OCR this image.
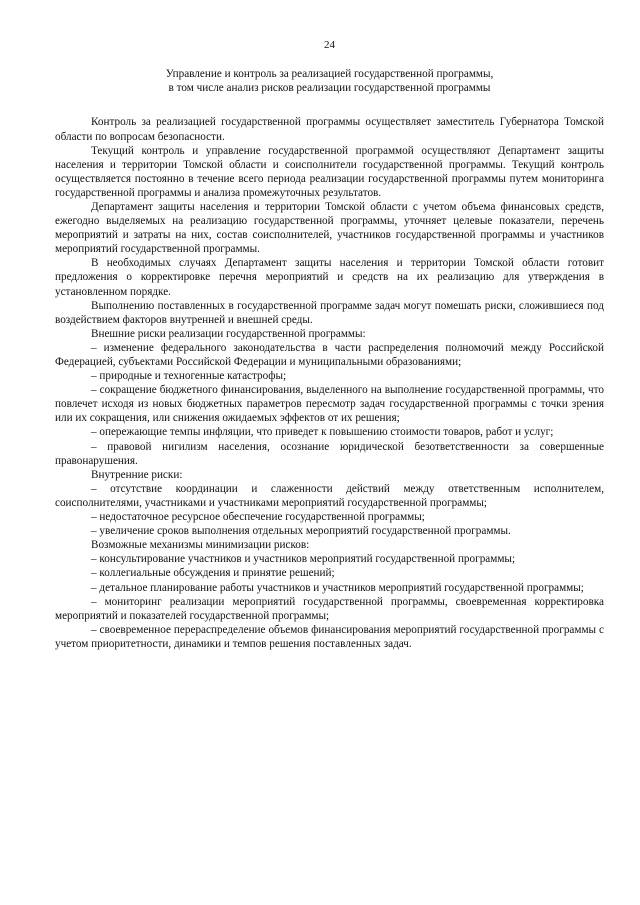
24
Управление и контроль за реализацией государственной программы,
в том числе анализ рисков реализации государственной программы

Контроль за реализацией государственной программы осуществляет заместитель Губернатора Томской области по вопросам безопасности.

Текущий контроль и управление государственной программой осуществляют Департамент защиты населения и территории Томской области и соисполнители государственной программы. Текущий контроль осуществляется постоянно в течение всего периода реализации государственной программы путем мониторинга государственной программы и анализа промежуточных результатов.

Департамент защиты населения и территории Томской области с учетом объема финансовых средств, ежегодно выделяемых на реализацию государственной программы, уточняет целевые показатели, перечень мероприятий и затраты на них, состав соисполнителей, участников государственной программы и участников мероприятий государственной программы.

В необходимых случаях Департамент защиты населения и территории Томской области готовит предложения о корректировке перечня мероприятий и средств на их реализацию для утверждения в установленном порядке.

Выполнению поставленных в государственной программе задач могут помешать риски, сложившиеся под воздействием факторов внутренней и внешней среды.

Внешние риски реализации государственной программы:

– изменение федерального законодательства в части распределения полномочий между Российской Федерацией, субъектами Российской Федерации и муниципальными образованиями;

– природные и техногенные катастрофы;

– сокращение бюджетного финансирования, выделенного на выполнение государственной программы, что повлечет исходя из новых бюджетных параметров пересмотр задач государственной программы с точки зрения или их сокращения, или снижения ожидаемых эффектов от их решения;

– опережающие темпы инфляции, что приведет к повышению стоимости товаров, работ и услуг;

– правовой нигилизм населения, осознание юридической безответственности за совершенные правонарушения.

Внутренние риски:

– отсутствие координации и слаженности действий между ответственным исполнителем, соисполнителями, участниками и участниками мероприятий государственной программы;

– недостаточное ресурсное обеспечение государственной программы;

– увеличение сроков выполнения отдельных мероприятий государственной программы.

Возможные механизмы минимизации рисков:

– консультирование участников и участников мероприятий государственной программы;

– коллегиальные обсуждения и принятие решений;

– детальное планирование работы участников и участников мероприятий государственной программы;

– мониторинг реализации мероприятий государственной программы, своевременная корректировка мероприятий и показателей государственной программы;

– своевременное перераспределение объемов финансирования мероприятий государственной программы с учетом приоритетности, динамики и темпов решения поставленных задач.
